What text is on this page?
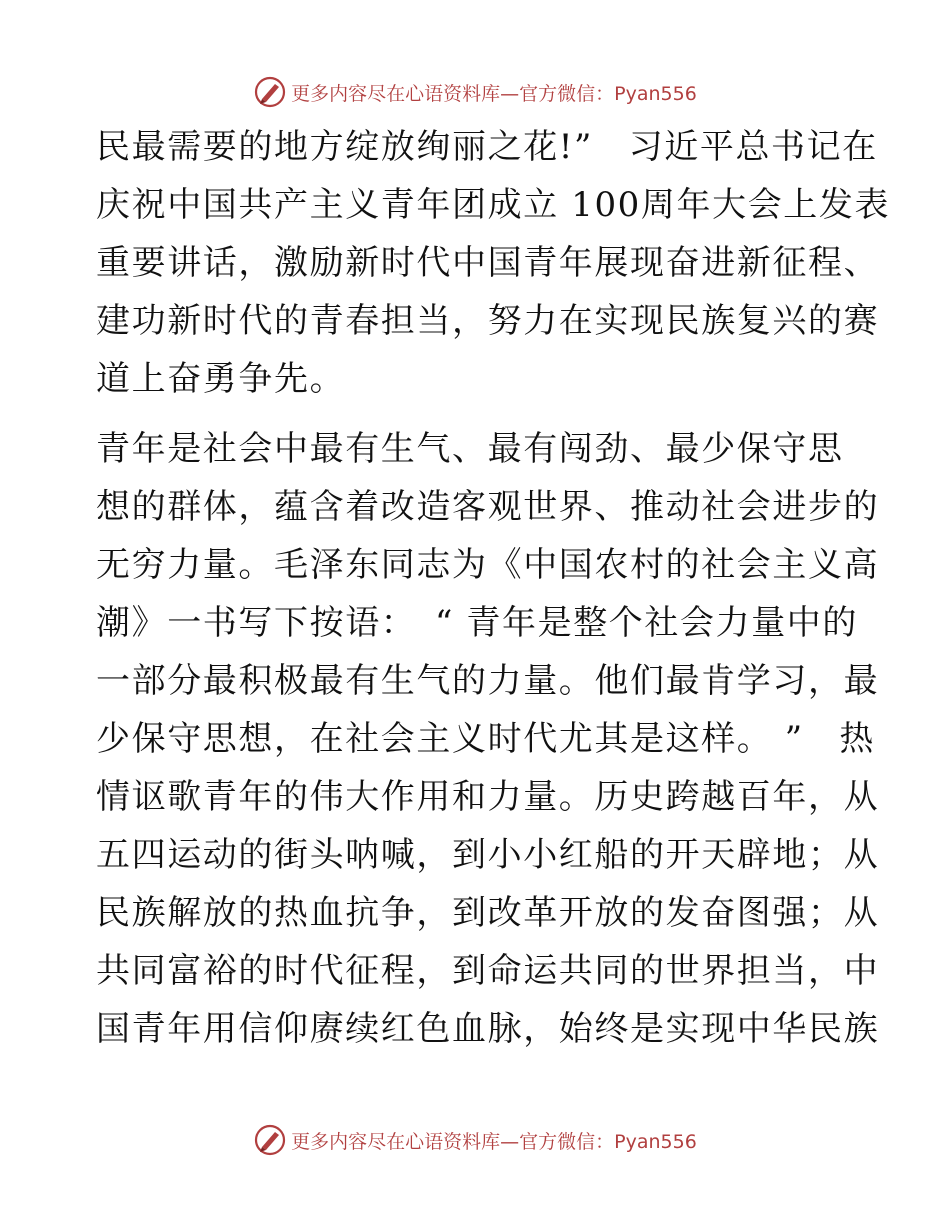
更多内容尽在心语资料库—官方微信：Pyan556
民最需要的地方绽放绚丽之花!”　习近平总书记在
庆祝中国共产主义青年团成立 100周年大会上发表
重要讲话，激励新时代中国青年展现奋进新征程、
建功新时代的青春担当，努力在实现民族复兴的赛
道上奋勇争先。
青年是社会中最有生气、最有闯劲、最少保守思
想的群体，蕴含着改造客观世界、推动社会进步的
无穷力量。毛泽东同志为《中国农村的社会主义高
潮》一书写下按语：　“ 青年是整个社会力量中的
一部分最积极最有生气的力量。他们最肯学习，最
少保守思想，在社会主义时代尤其是这样。 ”　热
情讴歌青年的伟大作用和力量。历史跨越百年，从
五四运动的街头呐喊，到小小红船的开天辟地；从
民族解放的热血抗争，到改革开放的发奋图强；从
共同富裕的时代征程，到命运共同的世界担当，中
国青年用信仰赓续红色血脉，始终是实现中华民族
更多内容尽在心语资料库—官方微信：Pyan556
